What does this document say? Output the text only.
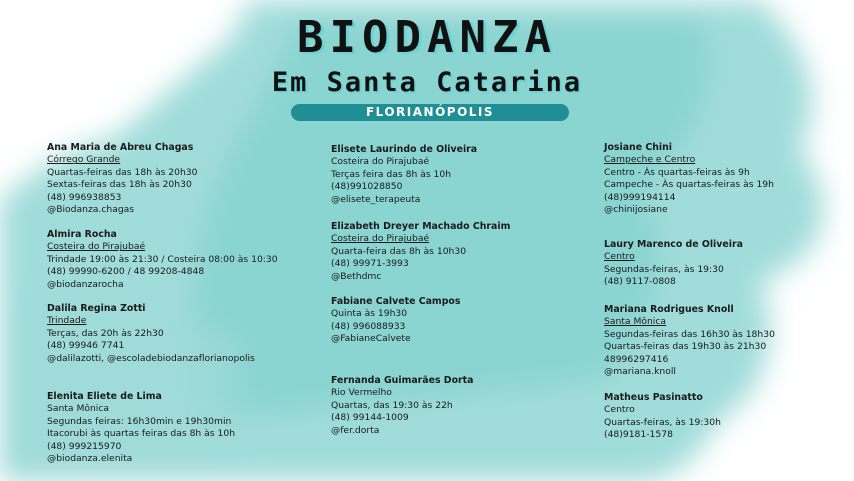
BIODANZA
Em Santa Catarina
FLORIANÓPOLIS
Ana Maria de Abreu Chagas
Córrego Grande
Quartas-feiras das 18h às 20h30
Sextas-feiras das 18h às 20h30
(48) 996938853
@Biodanza.chagas
Almira Rocha
Costeira do Pirajubaé
Trindade 19:00 às 21:30 / Costeira 08:00 às 10:30
(48) 99990-6200 / 48 99208-4848
@biodanzarocha
Dalila Regina Zotti
Trindade
Terças, das 20h às 22h30
(48) 99946 7741
@dalilazotti, @escoladebiodanzaflorianopolis
Elenita Eliete de Lima
Santa Mônica
Segundas feiras: 16h30min e 19h30min
Itacorubi às quartas feiras das 8h às 10h
(48) 999215970
@biodanza.elenita
Elisete Laurindo de Oliveira
Costeira do Pirajubaé
Terças feira das 8h às 10h
(48)991028850
@elisete_terapeuta
Elizabeth Dreyer Machado Chraim
Costeira do Pirajubaé
Quarta-feira das 8h às 10h30
(48) 99971-3993
@Bethdmc
Fabiane Calvete Campos
Quinta às 19h30
(48) 996088933
@FabianeCalvete
Fernanda Guimarães Dorta
Rio Vermelho
Quartas, das 19:30 às 22h
(48) 99144-1009
@fer.dorta
Josiane Chini
Campeche e Centro
Centro - Às quartas-feiras às 9h
Campeche - Às quartas-feiras às 19h
(48)999194114
@chinijosiane
Laury Marenco de Oliveira
Centro
Segundas-feiras, às 19:30
(48) 9117-0808
Mariana Rodrigues Knoll
Santa Mônica
Segundas-feiras das 16h30 às 18h30
Quartas-feiras das 19h30 às 21h30
48996297416
@mariana.knoll
Matheus Pasinatto
Centro
Quartas-feiras, às 19:30h
(48)9181-1578
